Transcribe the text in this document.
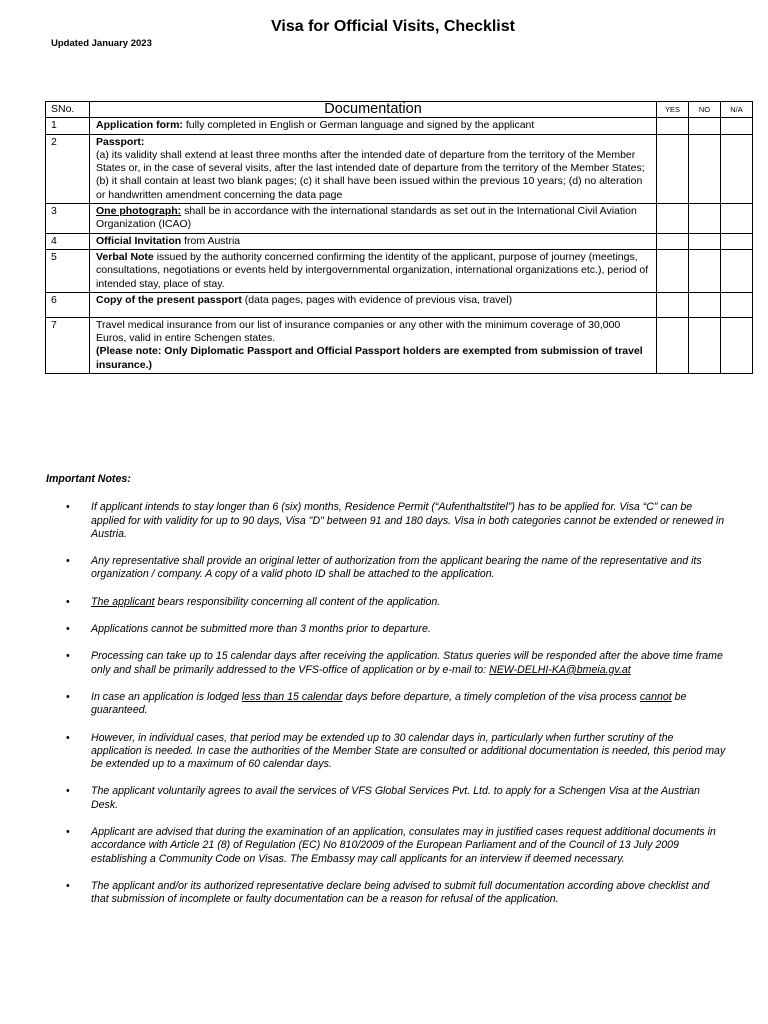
Visa for Official Visits, Checklist
Updated January 2023
SNo.	Documentation	YES	NO	N/A
1	Application form: fully completed in English or German language and signed by the applicant			
2	Passport:
(a) its validity shall extend at least three months after the intended date of departure from the territory of the Member States or, in the case of several visits, after the last intended date of departure from the territory of the Member States; (b) it shall contain at least two blank pages; (c) it shall have been issued within the previous 10 years; (d) no alteration or handwritten amendment concerning the data page			

3	One photograph: shall be in accordance with the international standards as set out in the International Civil Aviation Organization (ICAO)			
4	Official Invitation from Austria			
5	Verbal Note issued by the authority concerned confirming the identity of the applicant, purpose of journey (meetings, consultations, negotiations or events held by intergovernmental organization, international organizations etc.), period of intended stay, place of stay.			
6	Copy of the present passport (data pages, pages with evidence of previous visa, travel)			
7	Travel medical insurance from our list of insurance companies or any other with the minimum coverage of 30,000 Euros, valid in entire Schengen states.
(Please note: Only Diplomatic Passport and Official Passport holders are exempted from submission of travel insurance.)			

Important Notes:
• If applicant intends to stay longer than 6 (six) months, Residence Permit (“Aufenthaltstitel”) has to be applied for. Visa “C” can be applied for with validity for up to 90 days, Visa "D" between 91 and 180 days. Visa in both categories cannot be extended or renewed in Austria.
• Any representative shall provide an original letter of authorization from the applicant bearing the name of the representative and its organization / company. A copy of a valid photo ID shall be attached to the application.
• The applicant bears responsibility concerning all content of the application.
• Applications cannot be submitted more than 3 months prior to departure.
• Processing can take up to 15 calendar days after receiving the application. Status queries will be responded after the above time frame only and shall be primarily addressed to the VFS-office of application or by e-mail to: NEW-DELHI-KA@bmeia.gv.at
• In case an application is lodged less than 15 calendar days before departure, a timely completion of the visa process cannot be guaranteed.
• However, in individual cases, that period may be extended up to 30 calendar days in, particularly when further scrutiny of the application is needed. In case the authorities of the Member State are consulted or additional documentation is needed, this period may be extended up to a maximum of 60 calendar days.
• The applicant voluntarily agrees to avail the services of VFS Global Services Pvt. Ltd. to apply for a Schengen Visa at the Austrian Desk.
• Applicant are advised that during the examination of an application, consulates may in justified cases request additional documents in accordance with Article 21 (8) of Regulation (EC) No 810/2009 of the European Parliament and of the Council of 13 July 2009 establishing a Community Code on Visas. The Embassy may call applicants for an interview if deemed necessary.
• The applicant and/or its authorized representative declare being advised to submit full documentation according above checklist and that submission of incomplete or faulty documentation can be a reason for refusal of the application.
